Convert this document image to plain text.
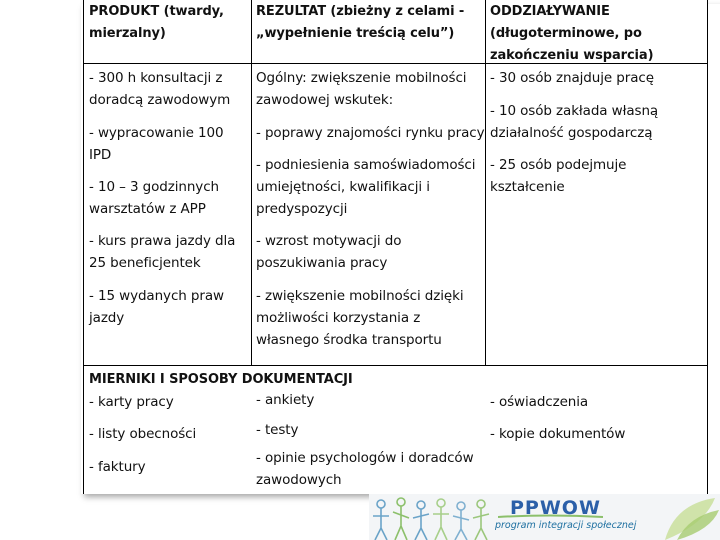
PRODUKT (twardy,
mierzalny)
REZULTAT (zbieżny z celami -
„wypełnienie treścią celu”)
ODDZIAŁYWANIE
(długoterminowe, po
zakończeniu wsparcia)
- 300 h konsultacji z
doradcą zawodowym
- wypracowanie 100
IPD
- 10 – 3 godzinnych
warsztatów z APP
- kurs prawa jazdy dla
25 beneficjentek
- 15 wydanych praw
jazdy
Ogólny: zwiększenie mobilności
zawodowej wskutek:
- poprawy znajomości rynku pracy
- podniesienia samoświadomości
umiejętności, kwalifikacji i
predyspozycji
- wzrost motywacji do
poszukiwania pracy
- zwiększenie mobilności dzięki
możliwości korzystania z
własnego środka transportu
- 30 osób znajduje pracę
- 10 osób zakłada własną
działalność gospodarczą
- 25 osób podejmuje
kształcenie
MIERNIKI I SPOSOBY DOKUMENTACJI
- karty pracy
- listy obecności
- faktury
- ankiety
- testy
- opinie psychologów i doradców
zawodowych
- oświadczenia
- kopie dokumentów
PPWOW
program integracji społecznej
